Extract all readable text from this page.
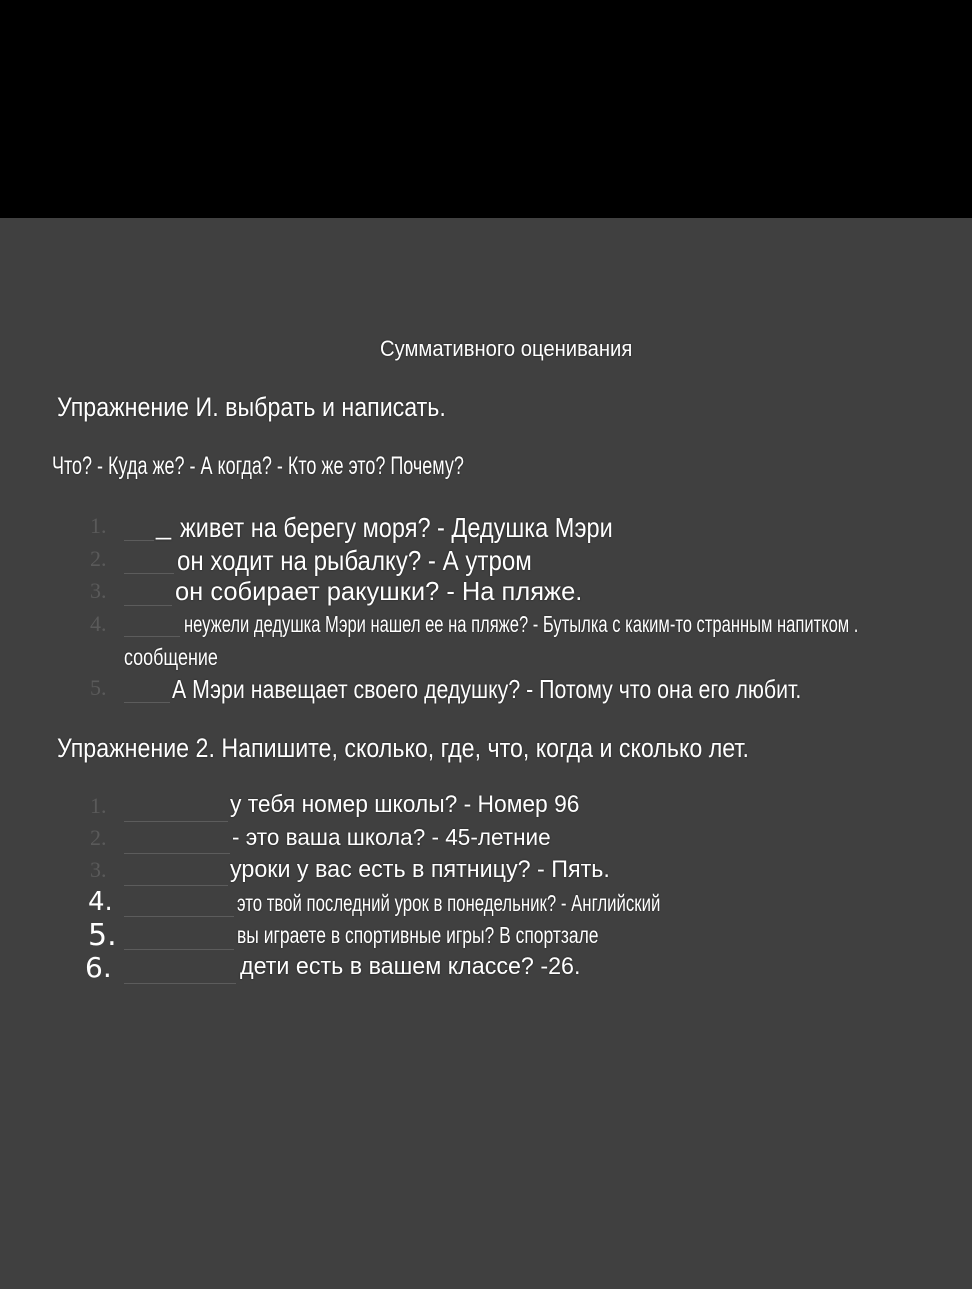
Суммативного оценивания
Упражнение И. выбрать и написать.
Что? - Куда же? - А когда? - Кто же это? Почему?
1. _ живет на берегу моря? - Дедушка Мэри
2.	он ходит на рыбалку? - А утром
3.	он собирает ракушки? - На пляже.
4.	неужели дедушка Мэри нашел ее на пляже? - Бутылка с каким-то странным напитком .
сообщение
5.	А Мэри навещает своего дедушку? - Потому что она его любит.
Упражнение 2. Напишите, сколько, где, что, когда и сколько лет.
1.	у тебя номер школы? - Номер 96
2.	- это ваша школа? - 45-летние
3.	уроки у вас есть в пятницу? - Пять.
4.	это твой последний урок в понедельник? - Английский
5.	вы играете в спортивные игры? В спортзале
6.	дети есть в вашем классе? -26.
